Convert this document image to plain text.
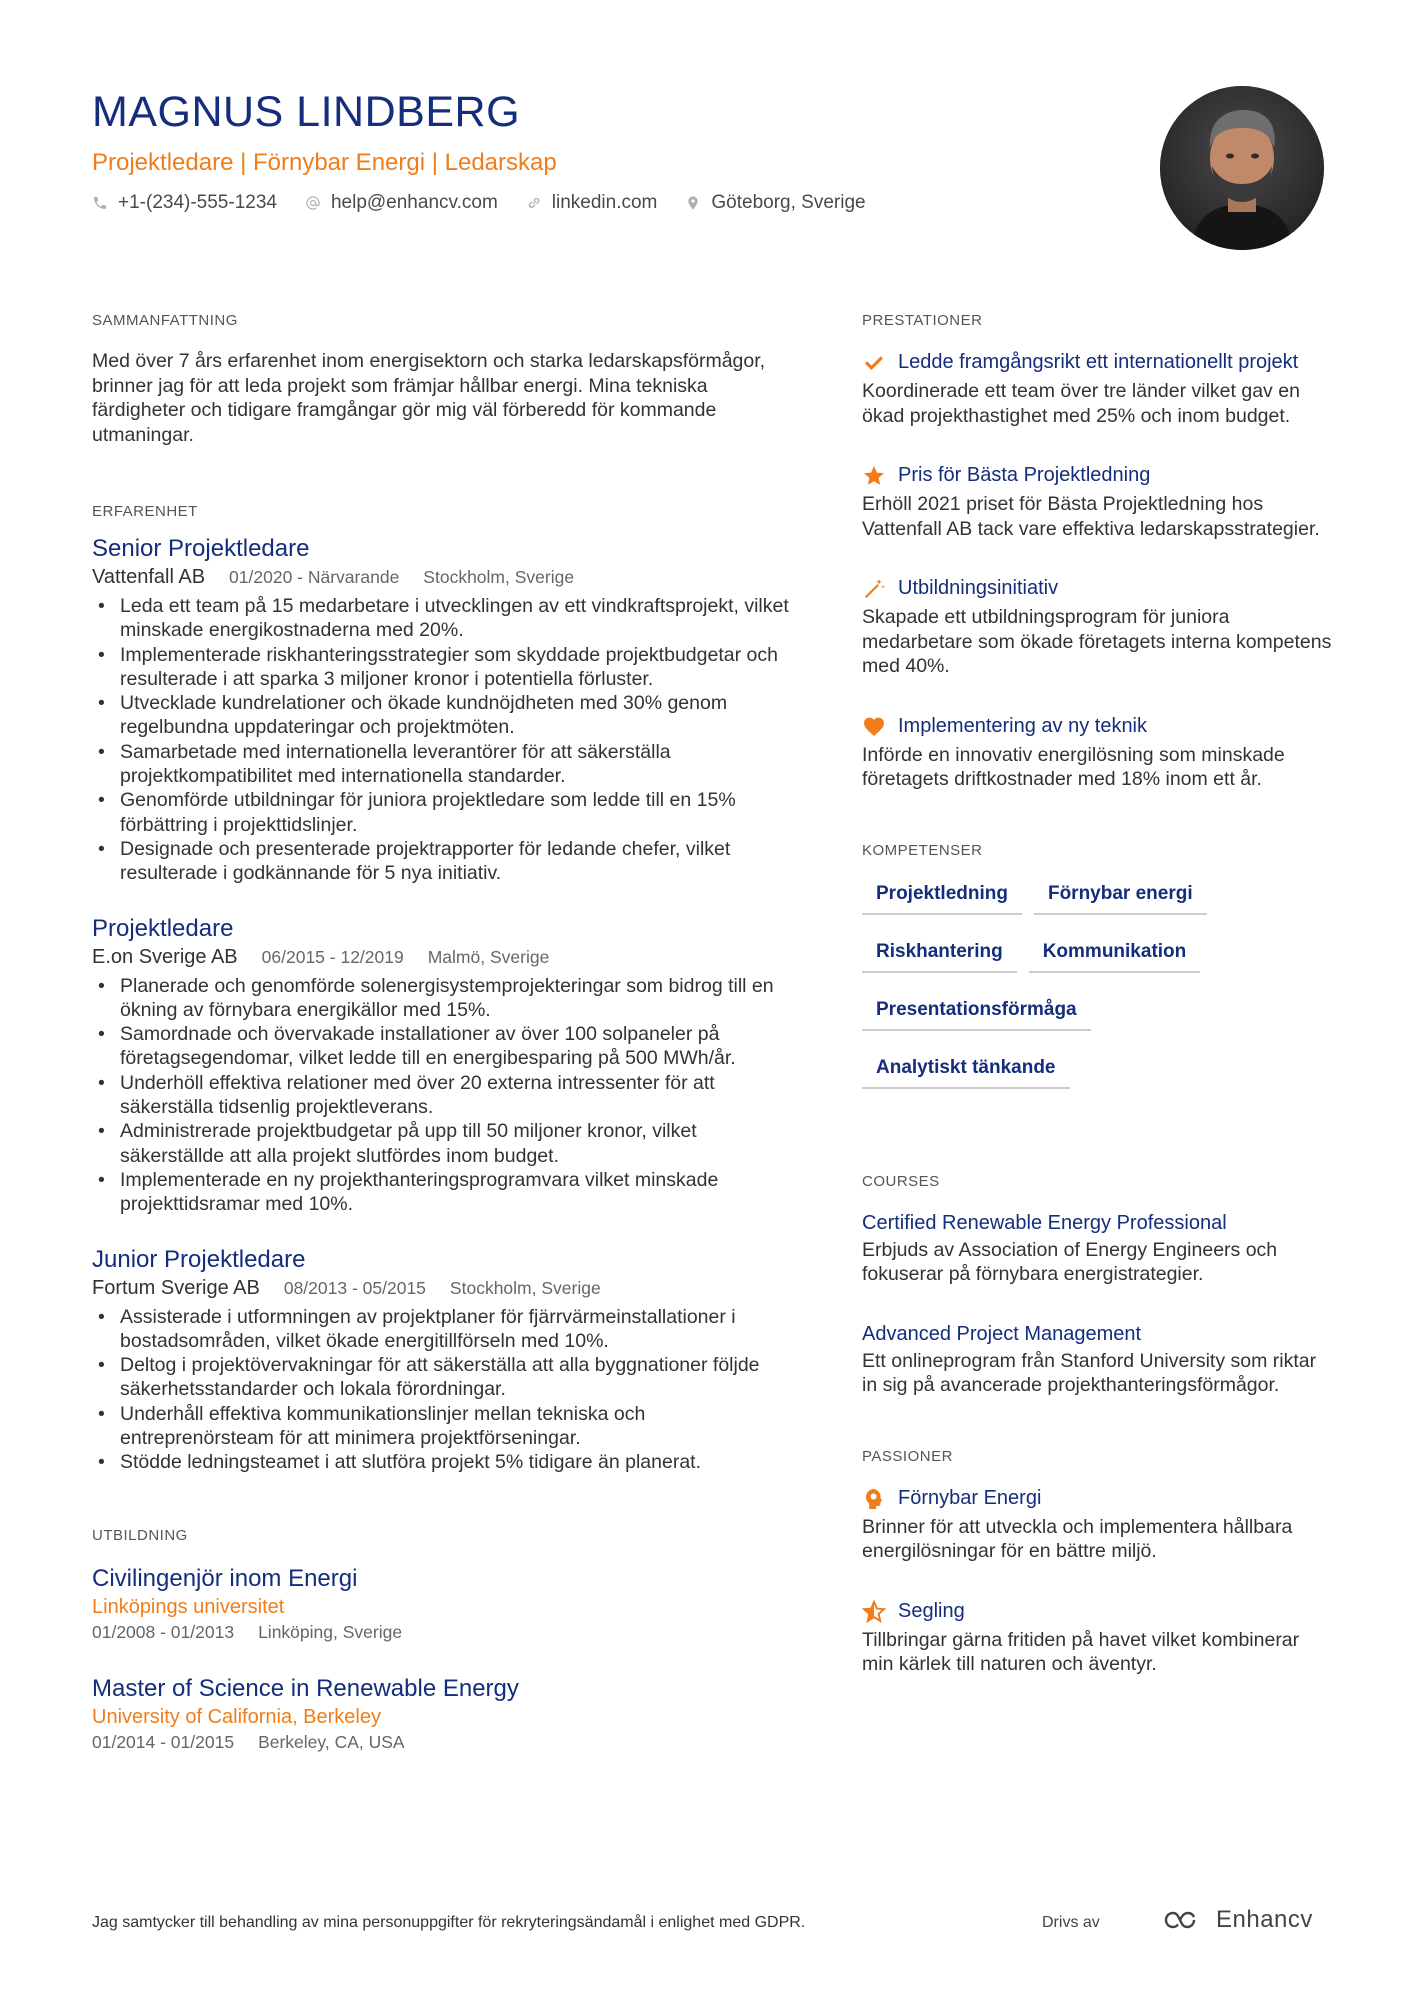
MAGNUS LINDBERG
Projektledare | Förnybar Energi | Ledarskap
+1-(234)-555-1234	help@enhancv.com	linkedin.com	Göteborg, Sverige
SAMMANFATTNING
Med över 7 års erfarenhet inom energisektorn och starka ledarskapsförmågor, brinner jag för att leda projekt som främjar hållbar energi. Mina tekniska färdigheter och tidigare framgångar gör mig väl förberedd för kommande utmaningar.
ERFARENHET
Senior Projektledare
Vattenfall AB 01/2020 - Närvarande Stockholm, Sverige
• Leda ett team på 15 medarbetare i utvecklingen av ett vindkraftsprojekt, vilket minskade energikostnaderna med 20%.
• Implementerade riskhanteringsstrategier som skyddade projektbudgetar och resulterade i att sparka 3 miljoner kronor i potentiella förluster.
• Utvecklade kundrelationer och ökade kundnöjdheten med 30% genom regelbundna uppdateringar och projektmöten.
• Samarbetade med internationella leverantörer för att säkerställa projektkompatibilitet med internationella standarder.
• Genomförde utbildningar för juniora projektledare som ledde till en 15% förbättring i projekttidslinjer.
• Designade och presenterade projektrapporter för ledande chefer, vilket resulterade i godkännande för 5 nya initiativ.
Projektledare
E.on Sverige AB 06/2015 - 12/2019 Malmö, Sverige
• Planerade och genomförde solenergisystemprojekteringar som bidrog till en ökning av förnybara energikällor med 15%.
• Samordnade och övervakade installationer av över 100 solpaneler på företagsegendomar, vilket ledde till en energibesparing på 500 MWh/år.
• Underhöll effektiva relationer med över 20 externa intressenter för att säkerställa tidsenlig projektleverans.
• Administrerade projektbudgetar på upp till 50 miljoner kronor, vilket säkerställde att alla projekt slutfördes inom budget.
• Implementerade en ny projekthanteringsprogramvara vilket minskade projekttidsramar med 10%.
Junior Projektledare
Fortum Sverige AB 08/2013 - 05/2015 Stockholm, Sverige
• Assisterade i utformningen av projektplaner för fjärrvärmeinstallationer i bostadsområden, vilket ökade energitillförseln med 10%.
• Deltog i projektövervakningar för att säkerställa att alla byggnationer följde säkerhetsstandarder och lokala förordningar.
• Underhåll effektiva kommunikationslinjer mellan tekniska och entreprenörsteam för att minimera projektförseningar.
• Stödde ledningsteamet i att slutföra projekt 5% tidigare än planerat.
UTBILDNING
Civilingenjör inom Energi
Linköpings universitet
01/2008 - 01/2013 Linköping, Sverige
Master of Science in Renewable Energy
University of California, Berkeley
01/2014 - 01/2015 Berkeley, CA, USA
PRESTATIONER
Ledde framgångsrikt ett internationellt projekt
Koordinerade ett team över tre länder vilket gav en ökad projekthastighet med 25% och inom budget.
Pris för Bästa Projektledning
Erhöll 2021 priset för Bästa Projektledning hos Vattenfall AB tack vare effektiva ledarskapsstrategier.
Utbildningsinitiativ
Skapade ett utbildningsprogram för juniora medarbetare som ökade företagets interna kompetens med 40%.
Implementering av ny teknik
Införde en innovativ energilösning som minskade företagets driftkostnader med 18% inom ett år.
KOMPETENSER
Projektledning	Förnybar energi
Riskhantering	Kommunikation
Presentationsförmåga
Analytiskt tänkande
COURSES
Certified Renewable Energy Professional
Erbjuds av Association of Energy Engineers och fokuserar på förnybara energistrategier.
Advanced Project Management
Ett onlineprogram från Stanford University som riktar in sig på avancerade projekthanteringsförmågor.
PASSIONER
Förnybar Energi
Brinner för att utveckla och implementera hållbara energilösningar för en bättre miljö.
Segling
Tillbringar gärna fritiden på havet vilket kombinerar min kärlek till naturen och äventyr.
Jag samtycker till behandling av mina personuppgifter för rekryteringsändamål i enlighet med GDPR.	Drivs av	Enhancv
